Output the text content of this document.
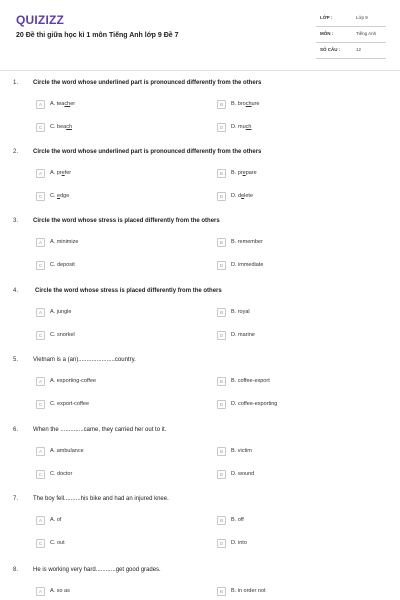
QUIZIZZ
20 Đề thi giữa học kì 1 môn Tiếng Anh lớp 9 Đề 7
LỚP :	Lớp 9
MÔN :	Tiếng Anh
SỐ CÂU :	12
1. Circle the word whose underlined part is pronounced differently from the others
A	A. teacher	B	B. brochure
C	C. beach	D	D. much
2. Circle the word whose underlined part is pronounced differently from the others
A	A. prefer	B	B. prepare
C	C. edge	D	D. delete
3. Circle the word whose stress is placed differently from the others
A	A. minimize	B	B. remember
C	C. deposit	D	D. immediate
4.	Circle the word whose stress is placed differently from the others
A	A. jungle	B	B. royal
C	C. snorkel	D	D. marine
5. Vietnam is a (an)......................country.
A	A. exporting-coffee	B	B. coffee-export
C	C. export-coffee	D	D. coffee-exporting
6. When the ..............came, they carried her out to it.
A	A. ambulance	B	B. victim
C	C. doctor	D	D. wound
7. The boy fell..........his bike and had an injured knee.
A	A. of	B	B. off
C	C. out	D	D. into
8. He is working very hard............get good grades.
A	A. so as	B	B. in order not
